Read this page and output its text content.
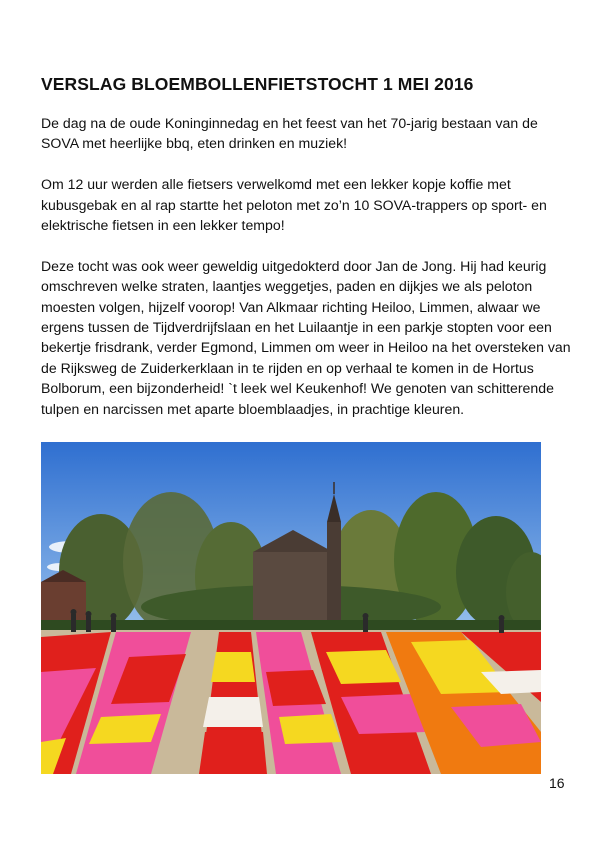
VERSLAG BLOEMBOLLENFIETSTOCHT 1 MEI 2016

De dag na de oude Koninginnedag en het feest van het 70-jarig bestaan van de SOVA met heerlijke bbq, eten drinken en muziek!

Om 12 uur werden alle fietsers verwelkomd met een lekker kopje koffie met kubusgebak en al rap startte het peloton met zo’n 10 SOVA-trappers op sport- en elektrische fietsen in een lekker tempo!

Deze tocht was ook weer geweldig uitgedokterd door Jan de Jong. Hij had keurig omschreven welke straten, laantjes weggetjes, paden en dijkjes we als peloton moesten volgen, hijzelf voorop! Van Alkmaar richting Heiloo, Limmen, alwaar we ergens tussen de Tijdverdrijfslaan en het Luilaantje in een parkje stopten voor een bekertje frisdrank, verder Egmond, Limmen om weer in Heiloo na het oversteken van de Rijksweg de Zuiderkerklaan in te rijden en op verhaal te komen in de Hortus Bolborum, een bijzonderheid! `t leek wel Keukenhof! We genoten van schitterende tulpen en narcissen met aparte bloemblaadjes, in prachtige kleuren.

16
